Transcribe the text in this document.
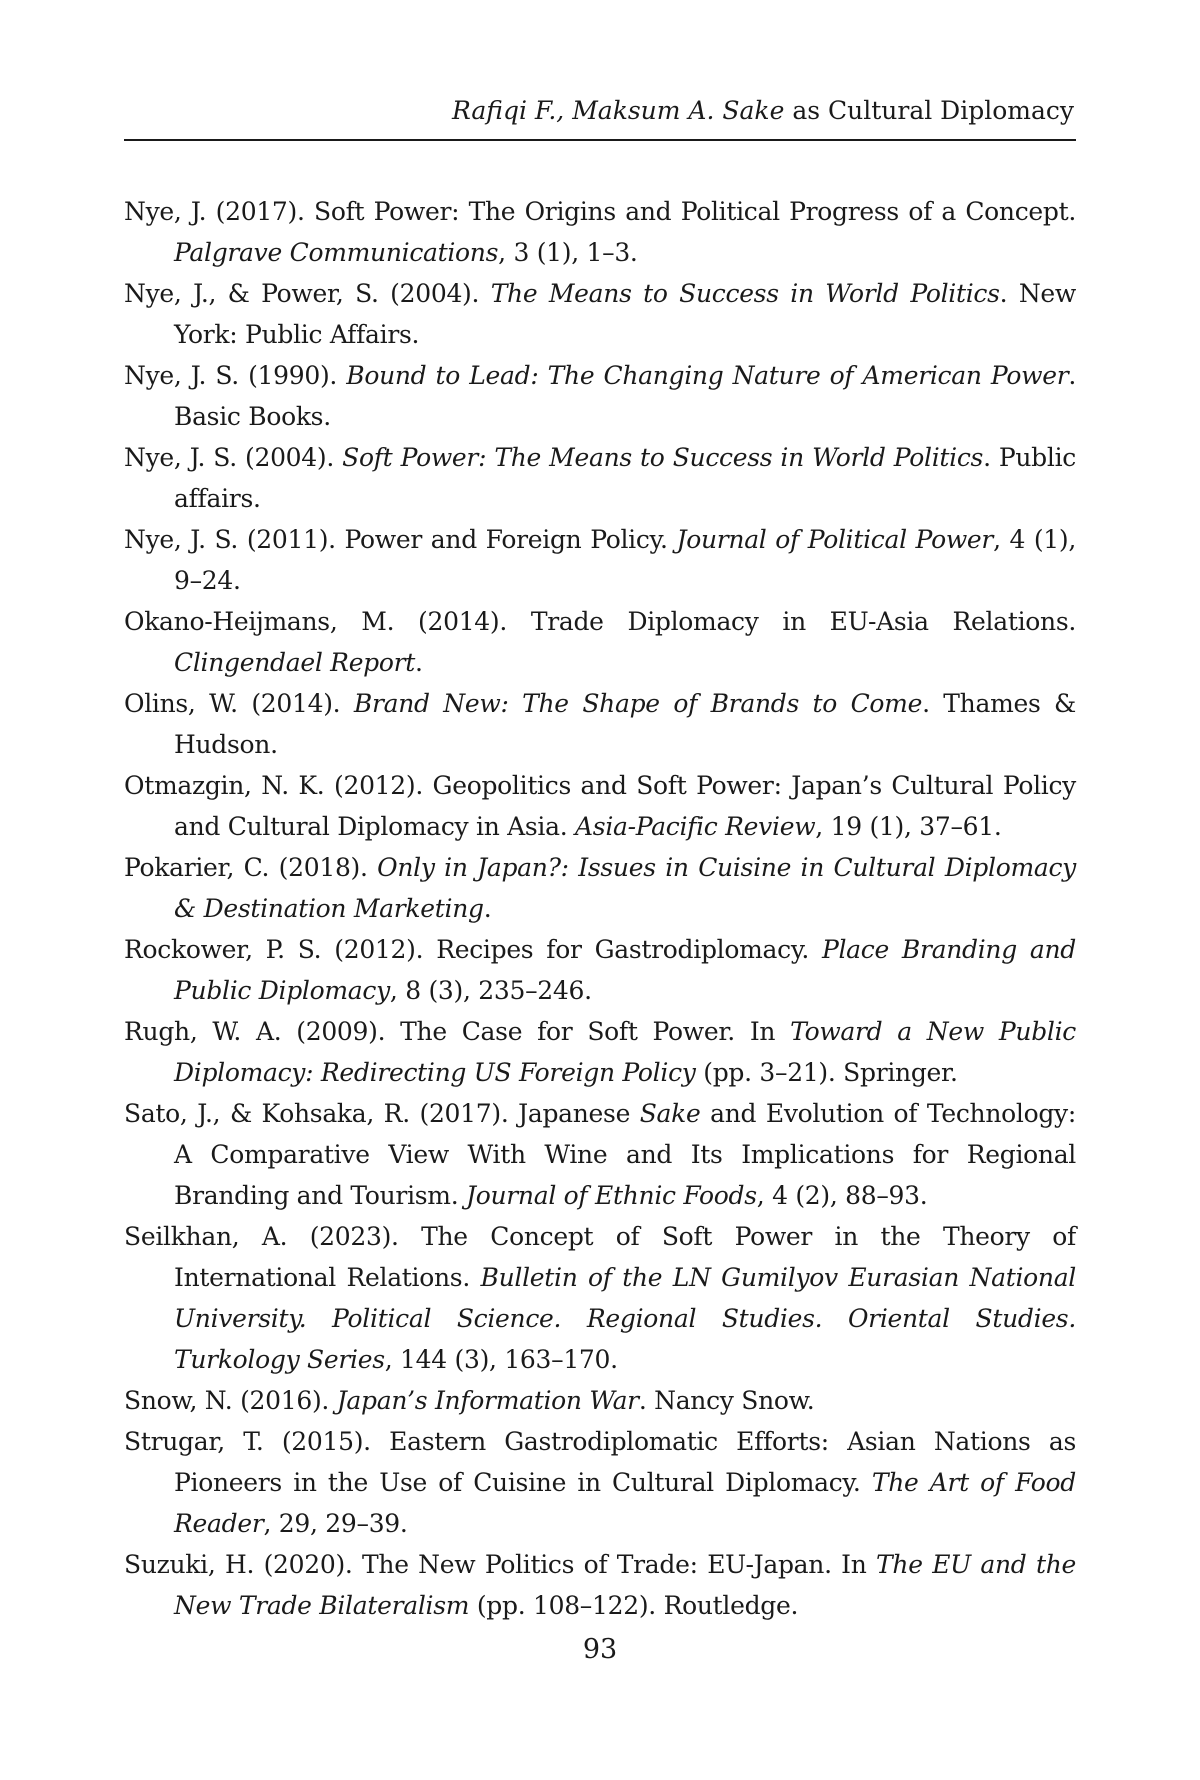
Rafiqi F., Maksum A. Sake as Cultural Diplomacy
Nye, J. (2017). Soft Power: The Origins and Political Progress of a Concept. Palgrave Communications, 3 (1), 1–3.
Nye, J., & Power, S. (2004). The Means to Success in World Politics. New York: Public Affairs.
Nye, J. S. (1990). Bound to Lead: The Changing Nature of American Power. Basic Books.
Nye, J. S. (2004). Soft Power: The Means to Success in World Politics. Public affairs.
Nye, J. S. (2011). Power and Foreign Policy. Journal of Political Power, 4 (1), 9–24.
Okano-Heijmans, M. (2014). Trade Diplomacy in EU-Asia Relations. Clingendael Report.
Olins, W. (2014). Brand New: The Shape of Brands to Come. Thames & Hudson.
Otmazgin, N. K. (2012). Geopolitics and Soft Power: Japan’s Cultural Policy and Cultural Diplomacy in Asia. Asia-Pacific Review, 19 (1), 37–61.
Pokarier, C. (2018). Only in Japan?: Issues in Cuisine in Cultural Diplomacy & Destination Marketing.
Rockower, P. S. (2012). Recipes for Gastrodiplomacy. Place Branding and Public Diplomacy, 8 (3), 235–246.
Rugh, W. A. (2009). The Case for Soft Power. In Toward a New Public Diplomacy: Redirecting US Foreign Policy (pp. 3–21). Springer.
Sato, J., & Kohsaka, R. (2017). Japanese Sake and Evolution of Technology: A Comparative View With Wine and Its Implications for Regional Branding and Tourism. Journal of Ethnic Foods, 4 (2), 88–93.
Seilkhan, A. (2023). The Concept of Soft Power in the Theory of International Relations. Bulletin of the LN Gumilyov Eurasian National University. Political Science. Regional Studies. Oriental Studies. Turkology Series, 144 (3), 163–170.
Snow, N. (2016). Japan’s Information War. Nancy Snow.
Strugar, T. (2015). Eastern Gastrodiplomatic Efforts: Asian Nations as Pioneers in the Use of Cuisine in Cultural Diplomacy. The Art of Food Reader, 29, 29–39.
Suzuki, H. (2020). The New Politics of Trade: EU-Japan. In The EU and the New Trade Bilateralism (pp. 108–122). Routledge.
93
